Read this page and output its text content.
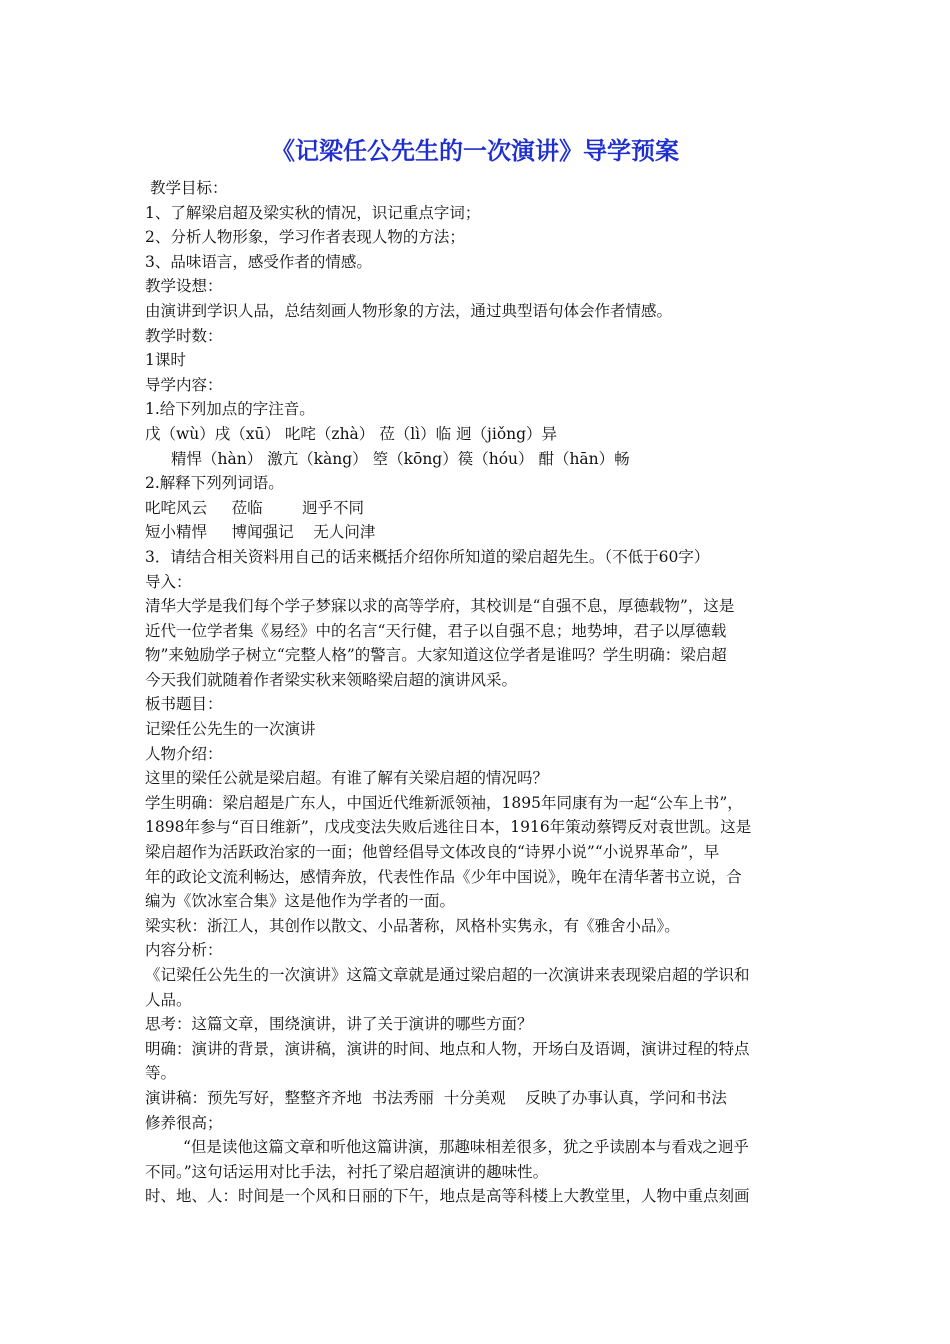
《记梁任公先生的一次演讲》导学预案

教学目标：

1、了解梁启超及梁实秋的情况，识记重点字词；

2、分析人物形象，学习作者表现人物的方法；

3、品味语言，感受作者的情感。

教学设想：

由演讲到学识人品，总结刻画人物形象的方法，通过典型语句体会作者情感。

教学时数：

1课时

导学内容：

1.给下列加点的字注音。

戊（wù）戌（xū） 叱咤（zhà） 莅（lì）临 迥（jiǒng）异

精悍（hàn） 激亢（kàng） 箜（kōng）篌（hóu） 酣（hān）畅

2.解释下列列词语。

叱咤风云     莅临        迥乎不同

短小精悍     博闻强记    无人问津

3．请结合相关资料用自己的话来概括介绍你所知道的梁启超先生。（不低于60字）

导入：

清华大学是我们每个学子梦寐以求的高等学府，其校训是“自强不息，厚德载物”，这是

近代一位学者集《易经》中的名言“天行健，君子以自强不息；地势坤，君子以厚德载

物”来勉励学子树立“完整人格”的警言。大家知道这位学者是谁吗？学生明确：梁启超

今天我们就随着作者梁实秋来领略梁启超的演讲风采。

板书题目：

记梁任公先生的一次演讲

人物介绍：

这里的梁任公就是梁启超。有谁了解有关梁启超的情况吗？

学生明确：梁启超是广东人，中国近代维新派领袖，1895年同康有为一起“公车上书”，

1898年参与“百日维新”，戊戌变法失败后逃往日本，1916年策动蔡锷反对袁世凯。这是

梁启超作为活跃政治家的一面；他曾经倡导文体改良的“诗界小说”“小说界革命”，早

年的政论文流利畅达，感情奔放，代表性作品《少年中国说》，晚年在清华著书立说，合

编为《饮冰室合集》这是他作为学者的一面。

梁实秋：浙江人，其创作以散文、小品著称，风格朴实隽永，有《雅舍小品》。

内容分析：

《记梁任公先生的一次演讲》这篇文章就是通过梁启超的一次演讲来表现梁启超的学识和

人品。

思考：这篇文章，围绕演讲，讲了关于演讲的哪些方面？

明确：演讲的背景，演讲稿，演讲的时间、地点和人物，开场白及语调，演讲过程的特点

等。

演讲稿：预先写好，整整齐齐地  书法秀丽  十分美观    反映了办事认真，学问和书法

修养很高；

“但是读他这篇文章和听他这篇讲演，那趣味相差很多，犹之乎读剧本与看戏之迥乎

不同。”这句话运用对比手法，衬托了梁启超演讲的趣味性。

时、地、人：时间是一个风和日丽的下午，地点是高等科楼上大教堂里，人物中重点刻画
